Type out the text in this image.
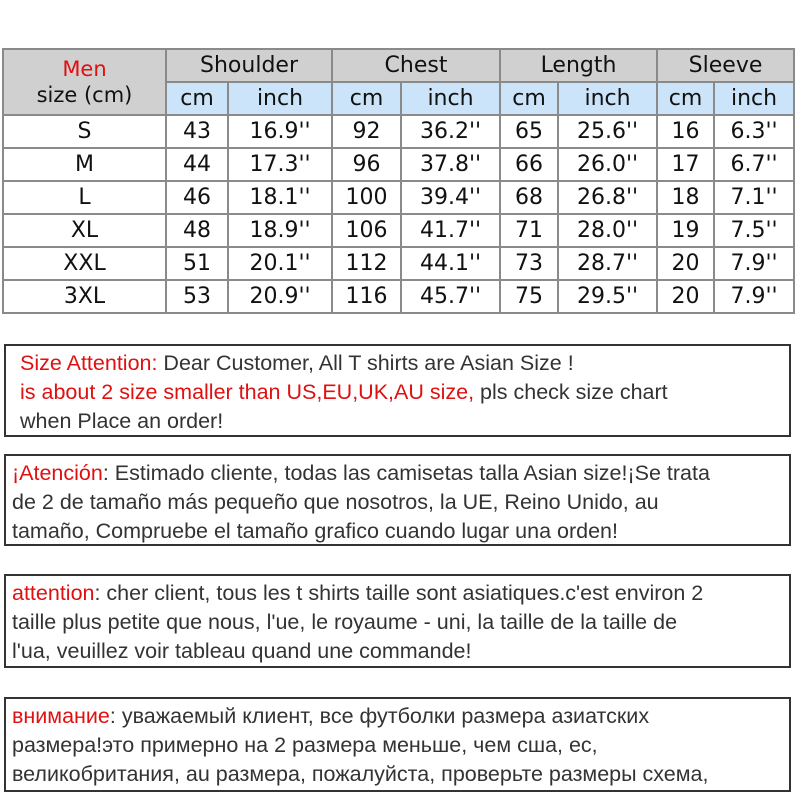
Men
size (cm)	Shoulder		Chest		Length		Sleeve	
	cm	inch	cm	inch	cm	inch	cm	inch
S	43	16.9''	92	36.2''	65	25.6''	16	6.3''
M	44	17.3''	96	37.8''	66	26.0''	17	6.7''
L	46	18.1''	100	39.4''	68	26.8''	18	7.1''
XL	48	18.9''	106	41.7''	71	28.0''	19	7.5''
XXL	51	20.1''	112	44.1''	73	28.7''	20	7.9''
3XL	53	20.9''	116	45.7''	75	29.5''	20	7.9''
Size Attention: Dear Customer, All T shirts are Asian Size !
is about 2 size smaller than US,EU,UK,AU size, pls check size chart
when Place an order!
¡Atención: Estimado cliente, todas las camisetas talla Asian size!¡Se trata
de 2 de tamaño más pequeño que nosotros, la UE, Reino Unido, au
tamaño, Compruebe el tamaño grafico cuando lugar una orden!
attention: cher client, tous les t shirts taille sont asiatiques.c'est environ 2
taille plus petite que nous, l'ue, le royaume - uni, la taille de la taille de
l'ua, veuillez voir tableau quand une commande!
внимание: уважаемый клиент, все футболки размера азиатских
размера!это примерно на 2 размера меньше, чем сша, ес,
великобритания, au размера, пожалуйста, проверьте размеры схема,
